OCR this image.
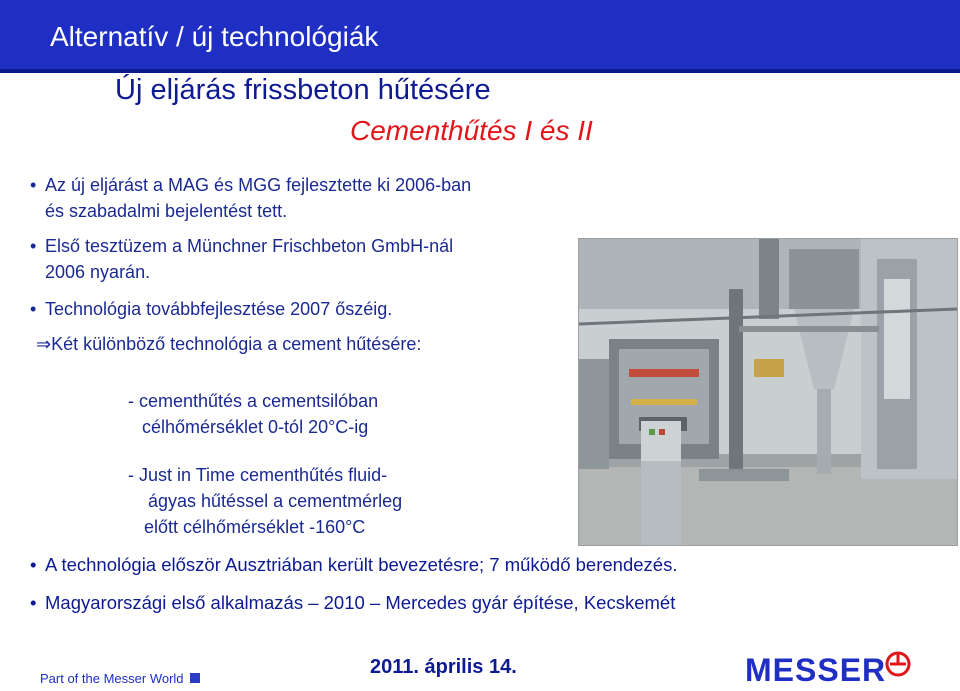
Alternatív / új technológiák
Új eljárás frissbeton hűtésére
Cementhűtés I és II
• Az új eljárást a MAG és MGG fejlesztette ki 2006-ban
és szabadalmi bejelentést tett.
• Első tesztüzem a Münchner Frischbeton GmbH-nál
2006 nyarán.
• Technológia továbbfejlesztése 2007 őszéig.
⇒Két különböző technológia a cement hűtésére:
- cementhűtés a cementsilóban
célhőmérséklet 0-tól 20°C-ig
- Just in Time cementhűtés fluid-
ágyas hűtéssel a cementmérleg
előtt célhőmérséklet -160°C
• A technológia először Ausztriában került bevezetésre; 7 működő berendezés.
• Magyarországi első alkalmazás – 2010 – Mercedes gyár építése, Kecskemét
Part of the Messer World
2011. április 14.	MESSER
